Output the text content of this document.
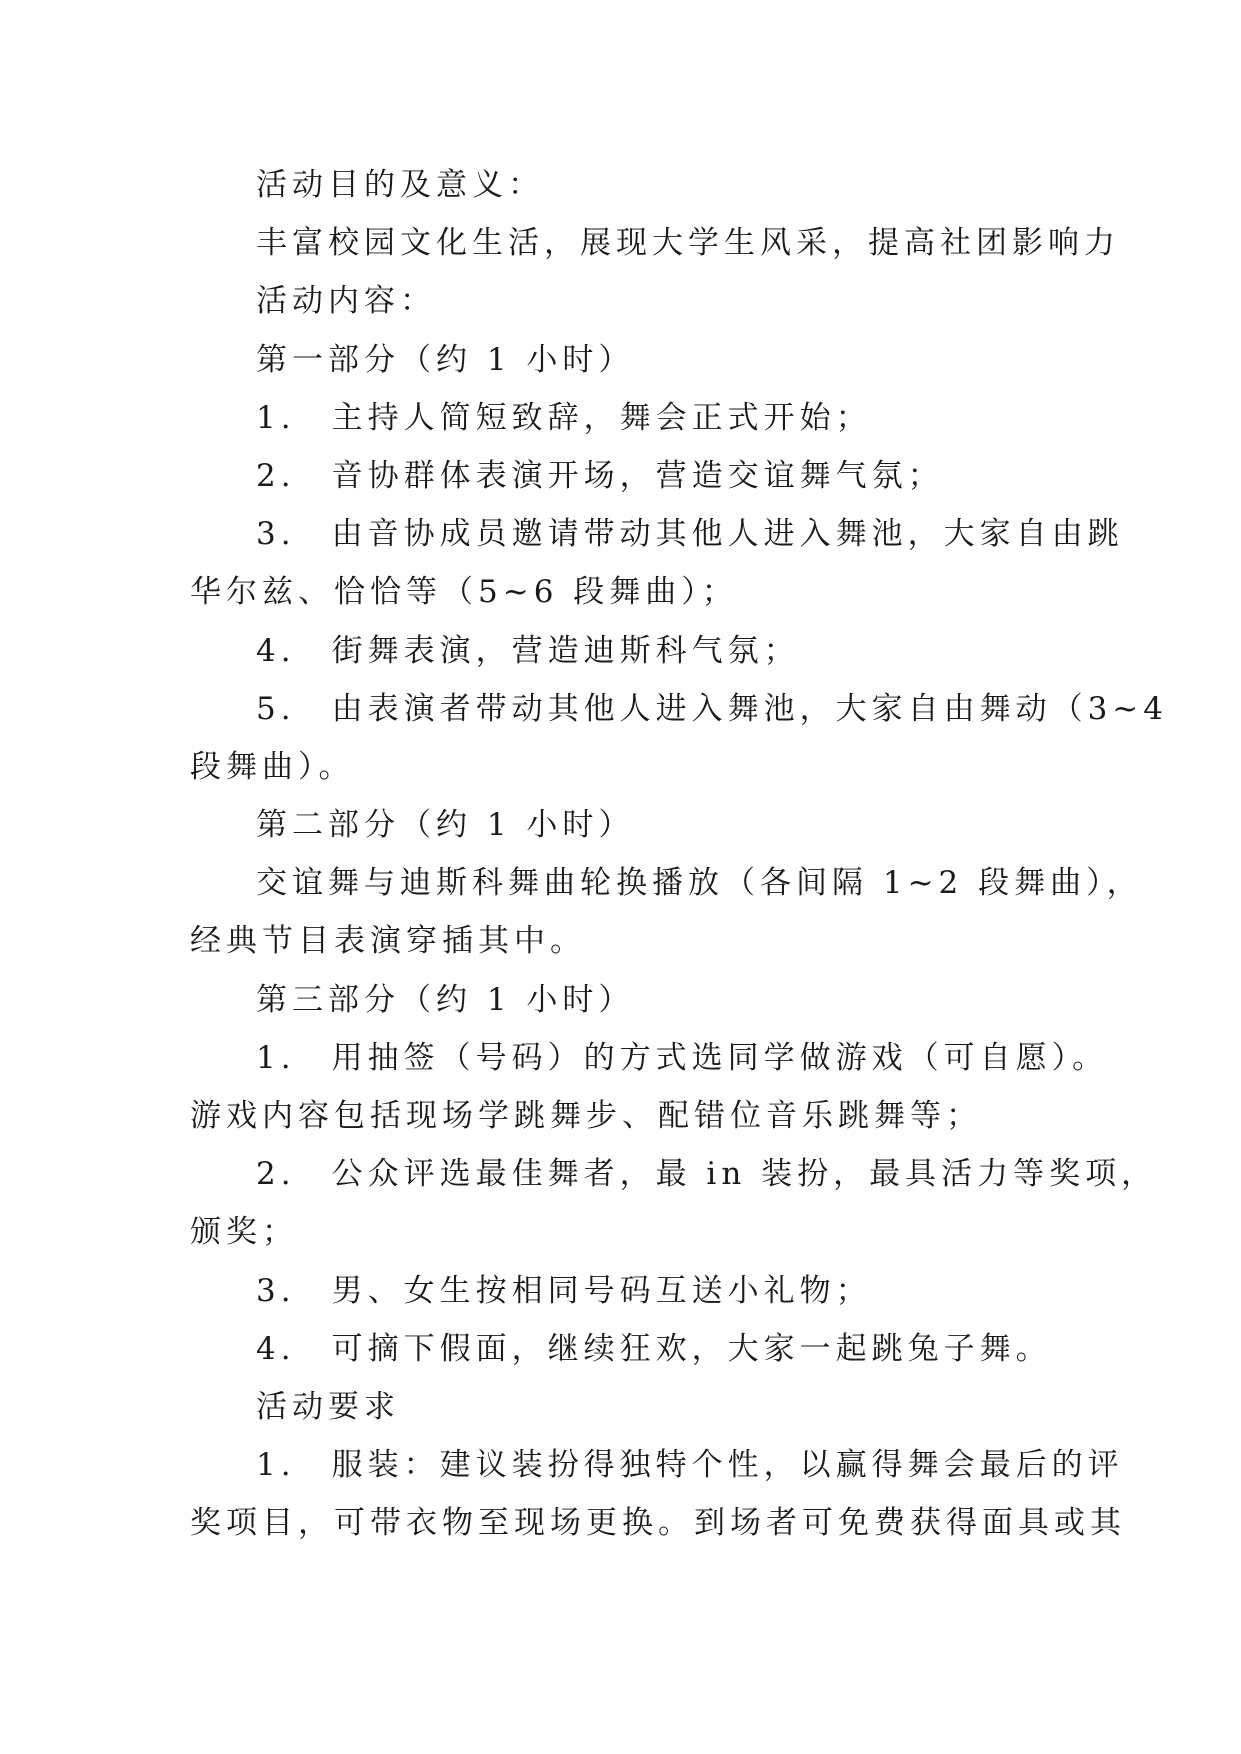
活动目的及意义：
丰富校园文化生活，展现大学生风采，提高社团影响力
活动内容：
第一部分（约 1 小时）
1.　主持人简短致辞，舞会正式开始；
2.　音协群体表演开场，营造交谊舞气氛；
3.　由音协成员邀请带动其他人进入舞池，大家自由跳
华尔兹、恰恰等（5~6 段舞曲）；
4.　街舞表演，营造迪斯科气氛；
5.　由表演者带动其他人进入舞池，大家自由舞动（3~4
段舞曲）。
第二部分（约 1 小时）
交谊舞与迪斯科舞曲轮换播放（各间隔 1~2 段舞曲），
经典节目表演穿插其中。
第三部分（约 1 小时）
1.　用抽签（号码）的方式选同学做游戏（可自愿）。
游戏内容包括现场学跳舞步、配错位音乐跳舞等；
2.　公众评选最佳舞者，最 in 装扮，最具活力等奖项，
颁奖；
3.　男、女生按相同号码互送小礼物；
4.　可摘下假面，继续狂欢，大家一起跳兔子舞。
活动要求
1.　服装：建议装扮得独特个性，以赢得舞会最后的评
奖项目，可带衣物至现场更换。到场者可免费获得面具或其
